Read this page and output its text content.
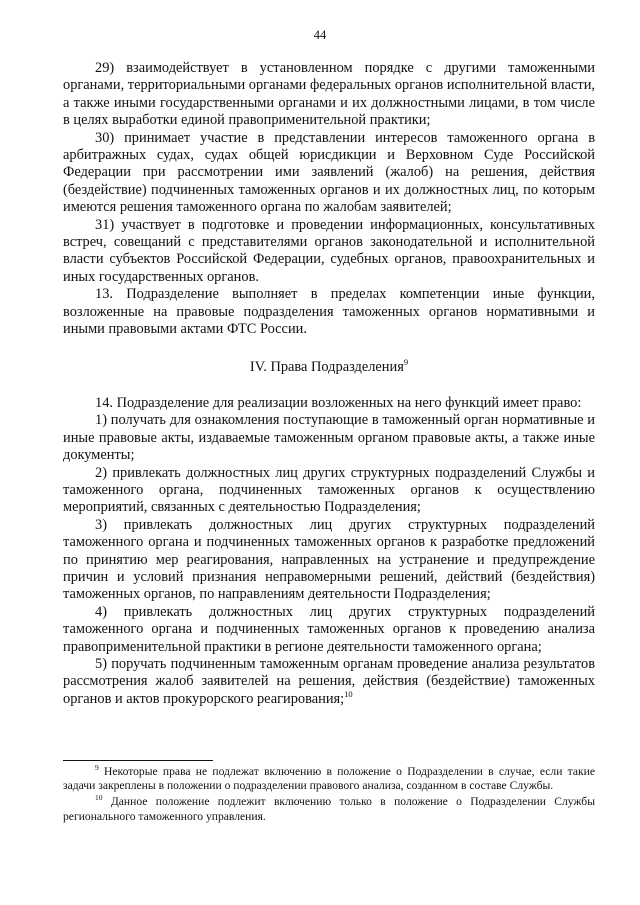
44

29) взаимодействует в установленном порядке с другими таможенными органами, территориальными органами федеральных органов исполнительной власти, а также иными государственными органами и их должностными лицами, в том числе в целях выработки единой правоприменительной практики;

30) принимает участие в представлении интересов таможенного органа в арбитражных судах, судах общей юрисдикции и Верховном Суде Российской Федерации при рассмотрении ими заявлений (жалоб) на решения, действия (бездействие) подчиненных таможенных органов и их должностных лиц, по которым имеются решения таможенного органа по жалобам заявителей;

31) участвует в подготовке и проведении информационных, консультативных встреч, совещаний с представителями органов законодательной и исполнительной власти субъектов Российской Федерации, судебных органов, правоохранительных и иных государственных органов.

13. Подразделение выполняет в пределах компетенции иные функции, возложенные на правовые подразделения таможенных органов нормативными и иными правовыми актами ФТС России.

IV. Права Подразделения$^9$

14. Подразделение для реализации возложенных на него функций имеет право:

1) получать для ознакомления поступающие в таможенный орган нормативные и иные правовые акты, издаваемые таможенным органом правовые акты, а также иные документы;

2) привлекать должностных лиц других структурных подразделений Службы и таможенного органа, подчиненных таможенных органов к осуществлению мероприятий, связанных с деятельностью Подразделения;

3) привлекать должностных лиц других структурных подразделений таможенного органа и подчиненных таможенных органов к разработке предложений по принятию мер реагирования, направленных на устранение и предупреждение причин и условий признания неправомерными решений, действий (бездействия) таможенных органов, по направлениям деятельности Подразделения;

4) привлекать должностных лиц других структурных подразделений таможенного органа и подчиненных таможенных органов к проведению анализа правоприменительной практики в регионе деятельности таможенного органа;

5) поручать подчиненным таможенным органам проведение анализа результатов рассмотрения жалоб заявителей на решения, действия (бездействие) таможенных органов и актов прокурорского реагирования;$^{10}$

$^9$ Некоторые права не подлежат включению в положение о Подразделении в случае, если такие задачи закреплены в положении о подразделении правового анализа, созданном в составе Службы.

$^{10}$ Данное положение подлежит включению только в положение о Подразделении Службы регионального таможенного управления.
